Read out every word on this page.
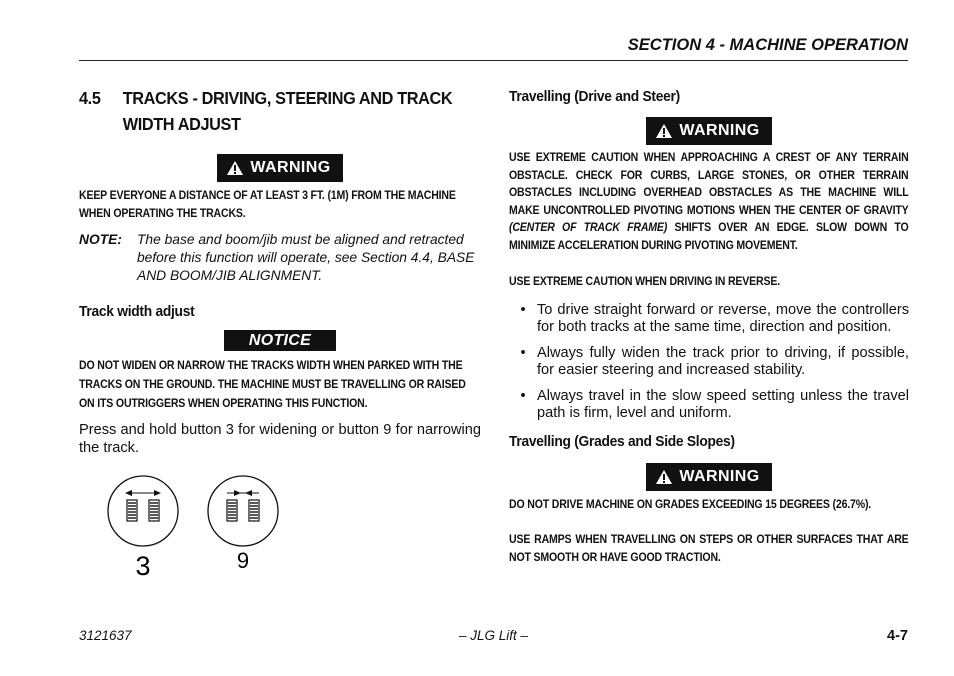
SECTION 4 - MACHINE OPERATION
4.5	TRACKS - DRIVING, STEERING AND TRACK WIDTH ADJUST
WARNING
KEEP EVERYONE A DISTANCE OF AT LEAST 3 FT. (1M) FROM THE MACHINE WHEN OPERATING THE TRACKS.
NOTE:	The base and boom/jib must be aligned and retracted before this function will operate, see Section 4.4, BASE AND BOOM/JIB ALIGNMENT.
Track width adjust
NOTICE
DO NOT WIDEN OR NARROW THE TRACKS WIDTH WHEN PARKED WITH THE TRACKS ON THE GROUND. THE MACHINE MUST BE TRAVELLING OR RAISED ON ITS OUTRIGGERS WHEN OPERATING THIS FUNCTION.
Press and hold button 3 for widening or button 9 for narrowing the track.
3	9
Travelling (Drive and Steer)
WARNING
USE EXTREME CAUTION WHEN APPROACHING A CREST OF ANY TERRAIN OBSTACLE. CHECK FOR CURBS, LARGE STONES, OR OTHER TERRAIN OBSTACLES INCLUDING OVERHEAD OBSTACLES AS THE MACHINE WILL MAKE UNCONTROLLED PIVOTING MOTIONS WHEN THE CENTER OF GRAVITY (CENTER OF TRACK FRAME) SHIFTS OVER AN EDGE. SLOW DOWN TO MINIMIZE ACCELERATION DURING PIVOTING MOVEMENT.
USE EXTREME CAUTION WHEN DRIVING IN REVERSE.
• To drive straight forward or reverse, move the controllers for both tracks at the same time, direction and position.
• Always fully widen the track prior to driving, if possible, for easier steering and increased stability.
• Always travel in the slow speed setting unless the travel path is firm, level and uniform.
Travelling (Grades and Side Slopes)
WARNING
DO NOT DRIVE MACHINE ON GRADES EXCEEDING 15 DEGREES (26.7%).
USE RAMPS WHEN TRAVELLING ON STEPS OR OTHER SURFACES THAT ARE NOT SMOOTH OR HAVE GOOD TRACTION.
3121637	– JLG Lift –	4-7
